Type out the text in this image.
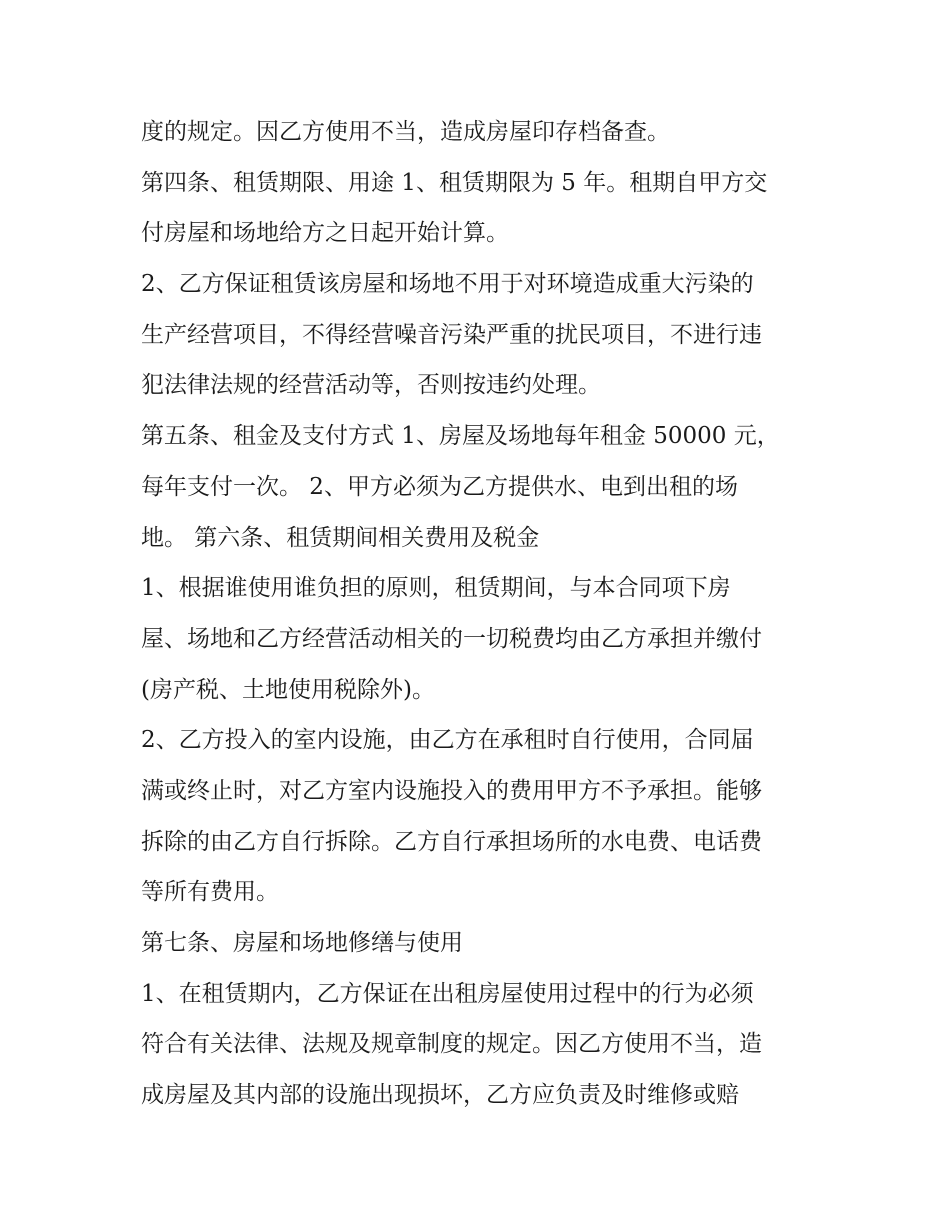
度的规定。因乙方使用不当，造成房屋印存档备查。
第四条、租赁期限、用途 1、租赁期限为 5 年。租期自甲方交
付房屋和场地给方之日起开始计算。
2、乙方保证租赁该房屋和场地不用于对环境造成重大污染的
生产经营项目，不得经营噪音污染严重的扰民项目，不进行违
犯法律法规的经营活动等，否则按违约处理。
第五条、租金及支付方式 1、房屋及场地每年租金 50000 元，
每年支付一次。 2、甲方必须为乙方提供水、电到出租的场
地。 第六条、租赁期间相关费用及税金
1、根据谁使用谁负担的原则，租赁期间，与本合同项下房
屋、场地和乙方经营活动相关的一切税费均由乙方承担并缴付
(房产税、土地使用税除外)。
2、乙方投入的室内设施，由乙方在承租时自行使用，合同届
满或终止时，对乙方室内设施投入的费用甲方不予承担。能够
拆除的由乙方自行拆除。乙方自行承担场所的水电费、电话费
等所有费用。
第七条、房屋和场地修缮与使用
1、在租赁期内，乙方保证在出租房屋使用过程中的行为必须
符合有关法律、法规及规章制度的规定。因乙方使用不当，造
成房屋及其内部的设施出现损坏，乙方应负责及时维修或赔
